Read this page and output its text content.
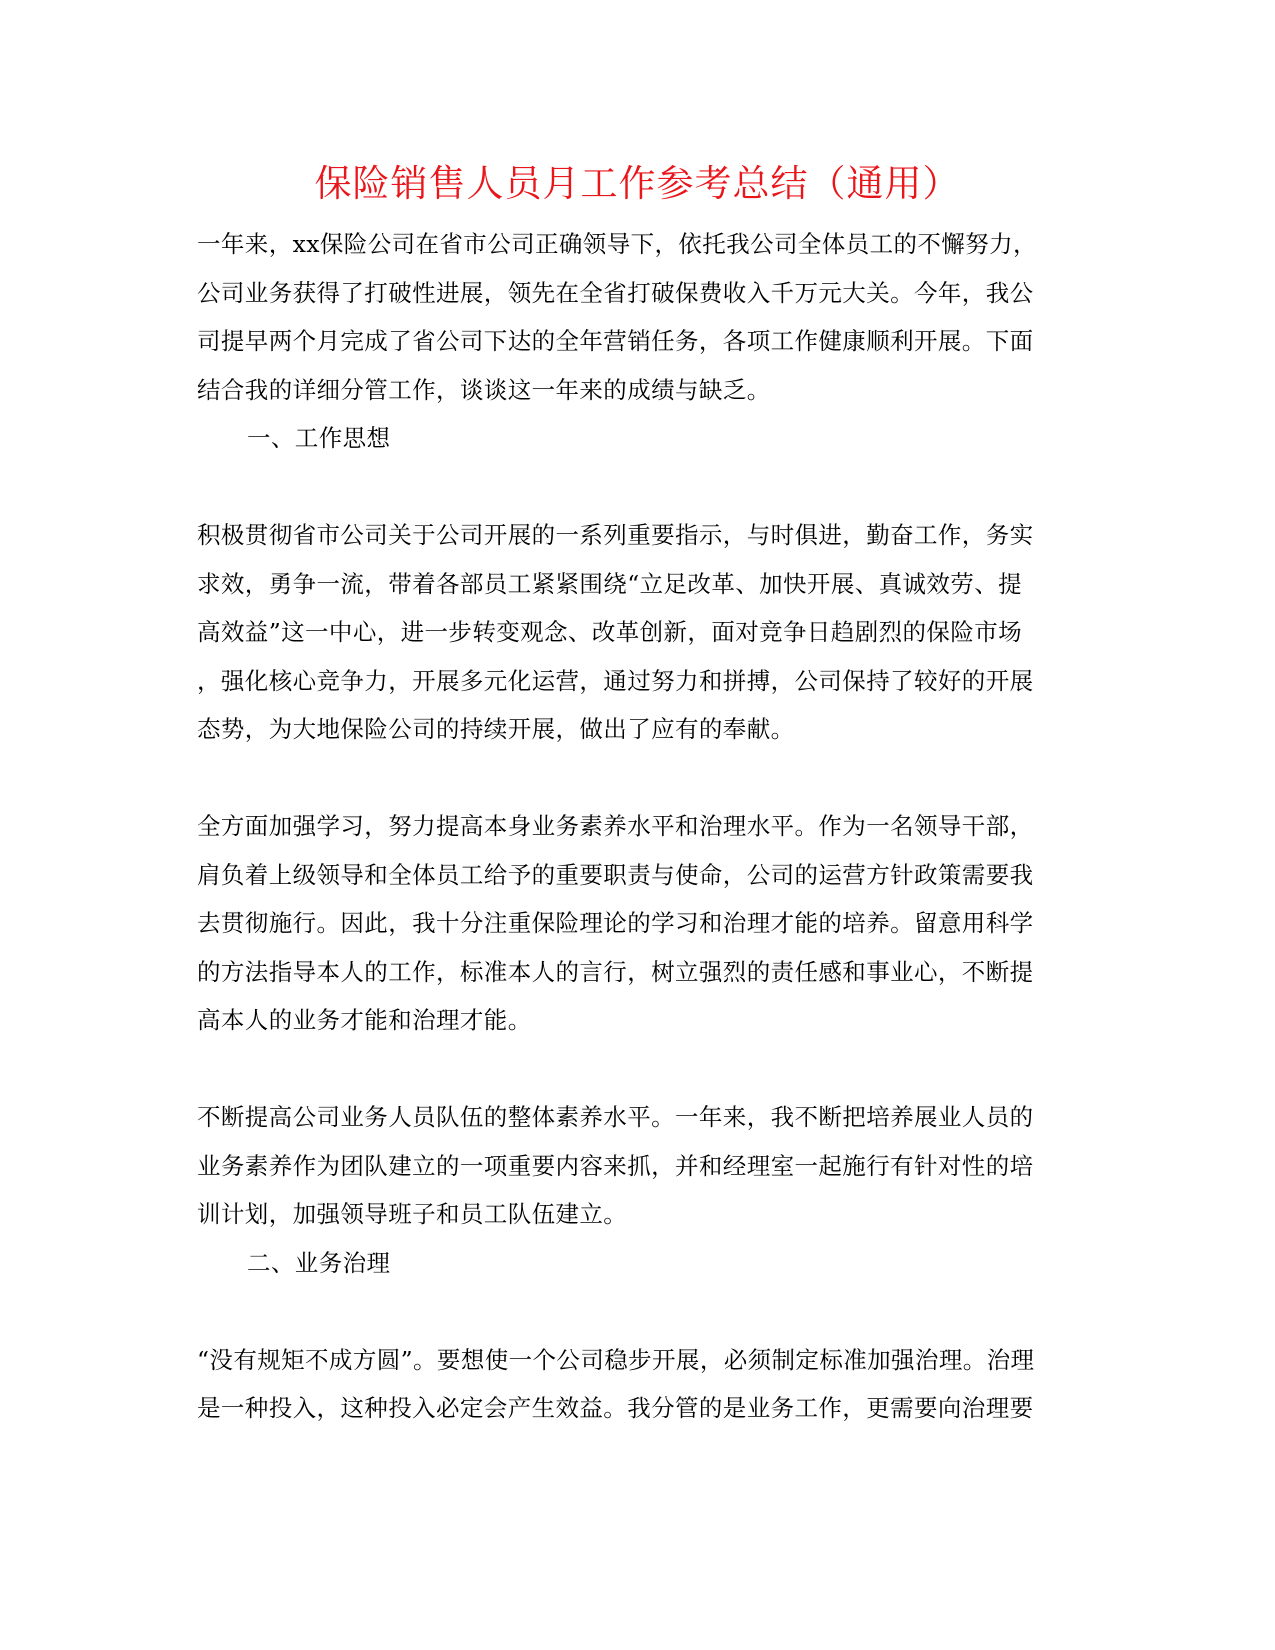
保险销售人员月工作参考总结（通用）
一年来，xx保险公司在省市公司正确领导下，依托我公司全体员工的不懈努力，
公司业务获得了打破性进展，领先在全省打破保费收入千万元大关。今年，我公
司提早两个月完成了省公司下达的全年营销任务，各项工作健康顺利开展。下面
结合我的详细分管工作，谈谈这一年来的成绩与缺乏。
一、工作思想
积极贯彻省市公司关于公司开展的一系列重要指示，与时俱进，勤奋工作，务实
求效，勇争一流，带着各部员工紧紧围绕“立足改革、加快开展、真诚效劳、提
高效益”这一中心，进一步转变观念、改革创新，面对竞争日趋剧烈的保险市场
，强化核心竞争力，开展多元化运营，通过努力和拼搏，公司保持了较好的开展
态势，为大地保险公司的持续开展，做出了应有的奉献。
全方面加强学习，努力提高本身业务素养水平和治理水平。作为一名领导干部，
肩负着上级领导和全体员工给予的重要职责与使命，公司的运营方针政策需要我
去贯彻施行。因此，我十分注重保险理论的学习和治理才能的培养。留意用科学
的方法指导本人的工作，标准本人的言行，树立强烈的责任感和事业心，不断提
高本人的业务才能和治理才能。
不断提高公司业务人员队伍的整体素养水平。一年来，我不断把培养展业人员的
业务素养作为团队建立的一项重要内容来抓，并和经理室一起施行有针对性的培
训计划，加强领导班子和员工队伍建立。
二、业务治理
“没有规矩不成方圆”。要想使一个公司稳步开展，必须制定标准加强治理。治理
是一种投入，这种投入必定会产生效益。我分管的是业务工作，更需要向治理要
